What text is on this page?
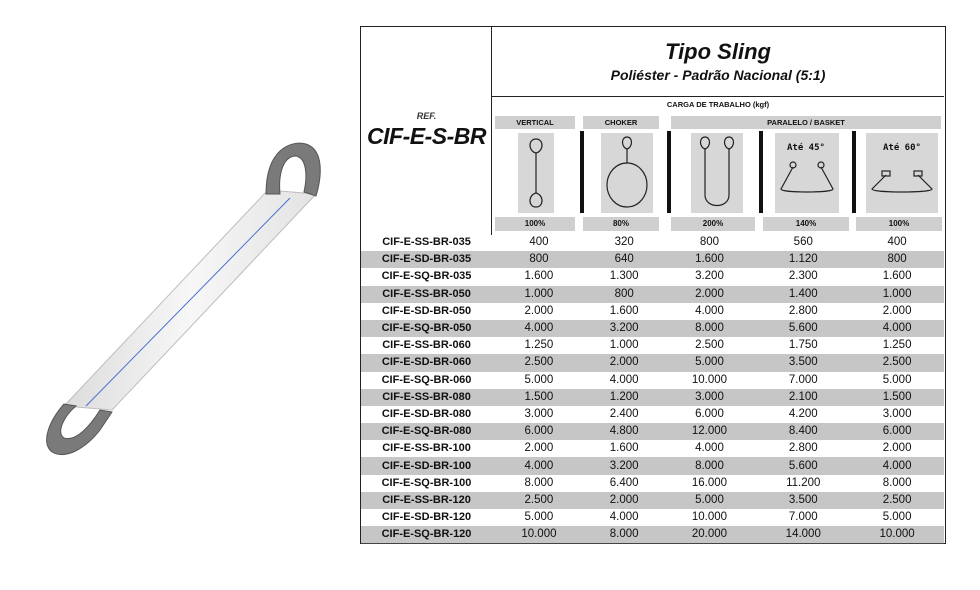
REF.
CIF-E-S-BR
Tipo Sling
Poliéster - Padrão Nacional (5:1)
CARGA DE TRABALHO (kgf)
VERTICAL	CHOKER	PARALELO / BASKET
Até 45°	Até 60°
100%	80%	200%	140%	100%
CIF-E-SS-BR-035	400	320	800	560	400
CIF-E-SD-BR-035	800	640	1.600	1.120	800
CIF-E-SQ-BR-035	1.600	1.300	3.200	2.300	1.600
CIF-E-SS-BR-050	1.000	800	2.000	1.400	1.000
CIF-E-SD-BR-050	2.000	1.600	4.000	2.800	2.000
CIF-E-SQ-BR-050	4.000	3.200	8.000	5.600	4.000
CIF-E-SS-BR-060	1.250	1.000	2.500	1.750	1.250
CIF-E-SD-BR-060	2.500	2.000	5.000	3.500	2.500
CIF-E-SQ-BR-060	5.000	4.000	10.000	7.000	5.000
CIF-E-SS-BR-080	1.500	1.200	3.000	2.100	1.500
CIF-E-SD-BR-080	3.000	2.400	6.000	4.200	3.000
CIF-E-SQ-BR-080	6.000	4.800	12.000	8.400	6.000
CIF-E-SS-BR-100	2.000	1.600	4.000	2.800	2.000
CIF-E-SD-BR-100	4.000	3.200	8.000	5.600	4.000
CIF-E-SQ-BR-100	8.000	6.400	16.000	11.200	8.000
CIF-E-SS-BR-120	2.500	2.000	5.000	3.500	2.500
CIF-E-SD-BR-120	5.000	4.000	10.000	7.000	5.000
CIF-E-SQ-BR-120	10.000	8.000	20.000	14.000	10.000
